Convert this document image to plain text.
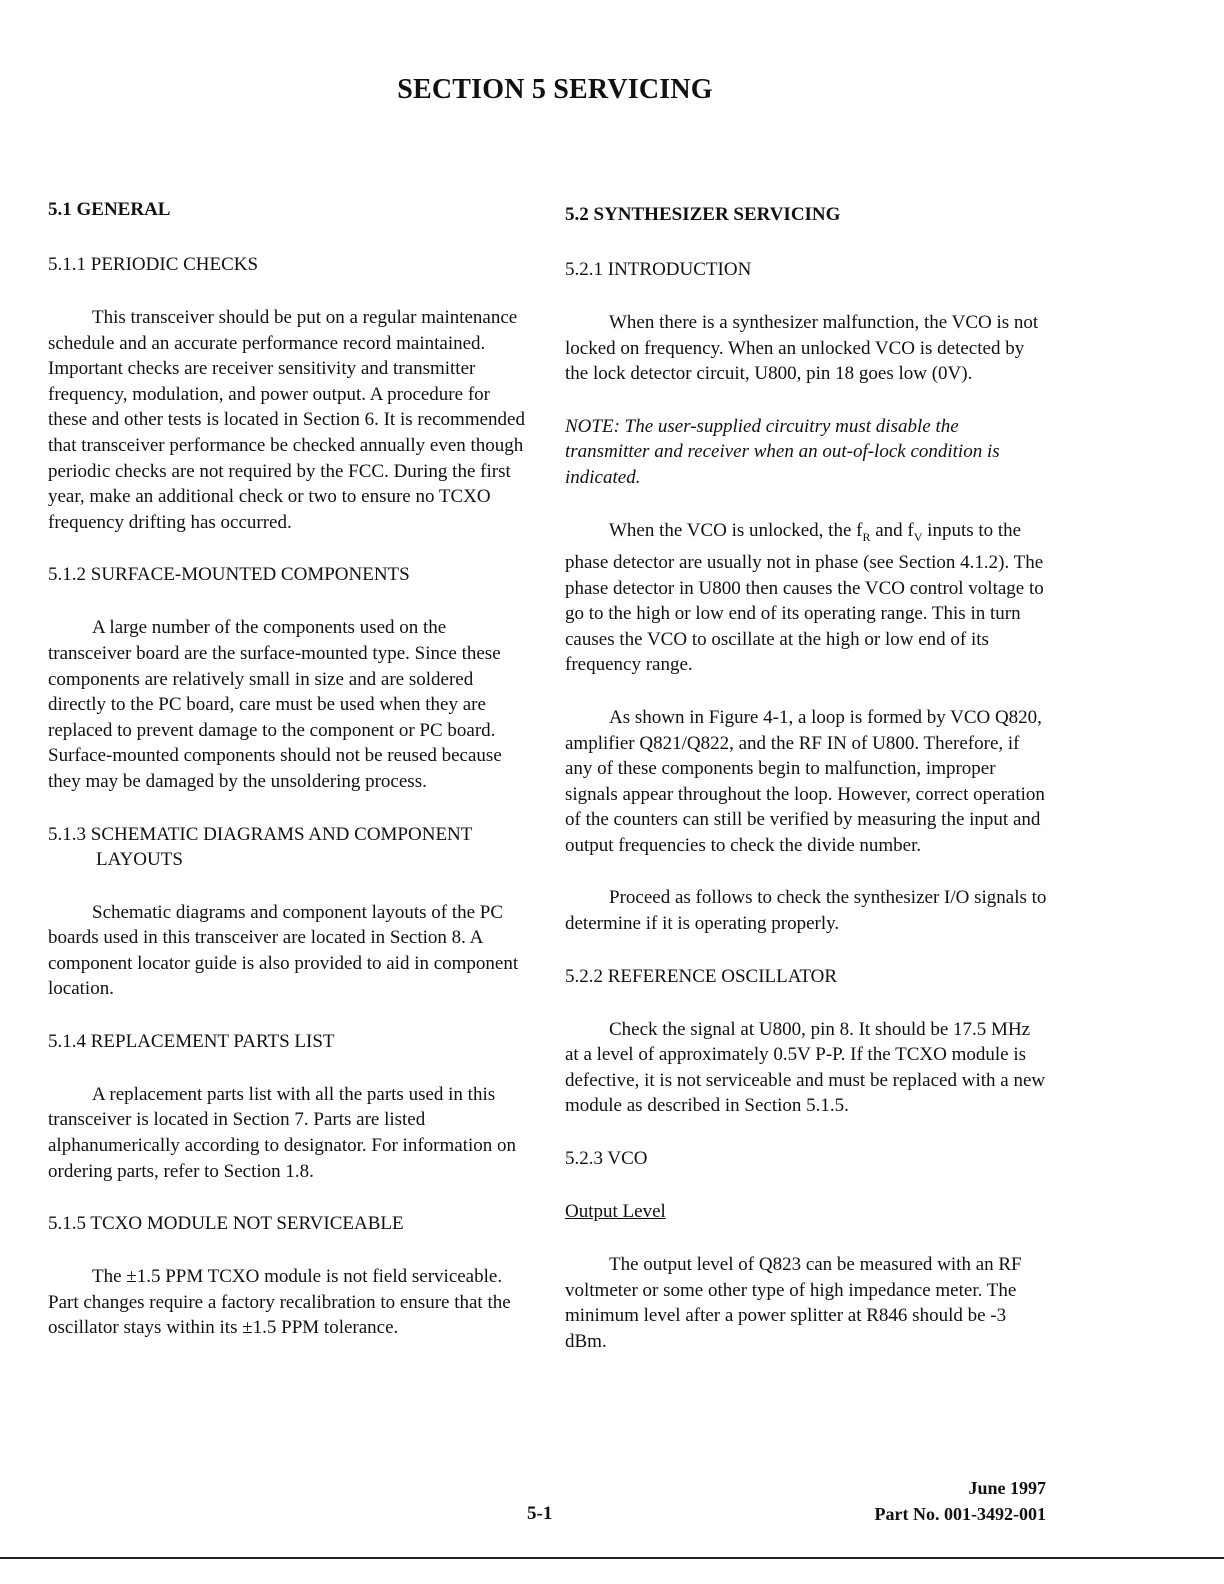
SECTION 5 SERVICING
5.1 GENERAL
5.1.1 PERIODIC CHECKS
This transceiver should be put on a regular maintenance schedule and an accurate performance record maintained. Important checks are receiver sensitivity and transmitter frequency, modulation, and power output. A procedure for these and other tests is located in Section 6. It is recommended that transceiver performance be checked annually even though periodic checks are not required by the FCC. During the first year, make an additional check or two to ensure no TCXO frequency drifting has occurred.
5.1.2 SURFACE-MOUNTED COMPONENTS
A large number of the components used on the transceiver board are the surface-mounted type. Since these components are relatively small in size and are soldered directly to the PC board, care must be used when they are replaced to prevent damage to the component or PC board. Surface-mounted components should not be reused because they may be damaged by the unsoldering process.
5.1.3 SCHEMATIC DIAGRAMS AND COMPONENT LAYOUTS
Schematic diagrams and component layouts of the PC boards used in this transceiver are located in Section 8. A component locator guide is also provided to aid in component location.
5.1.4 REPLACEMENT PARTS LIST
A replacement parts list with all the parts used in this transceiver is located in Section 7. Parts are listed alphanumerically according to designator. For information on ordering parts, refer to Section 1.8.
5.1.5 TCXO MODULE NOT SERVICEABLE
The ±1.5 PPM TCXO module is not field serviceable. Part changes require a factory recalibration to ensure that the oscillator stays within its ±1.5 PPM tolerance.
5.2 SYNTHESIZER SERVICING
5.2.1 INTRODUCTION
When there is a synthesizer malfunction, the VCO is not locked on frequency. When an unlocked VCO is detected by the lock detector circuit, U800, pin 18 goes low (0V).
NOTE: The user-supplied circuitry must disable the transmitter and receiver when an out-of-lock condition is indicated.
When the VCO is unlocked, the $f_R$ and $f_V$ inputs to the phase detector are usually not in phase (see Section 4.1.2). The phase detector in U800 then causes the VCO control voltage to go to the high or low end of its operating range. This in turn causes the VCO to oscillate at the high or low end of its frequency range.
As shown in Figure 4-1, a loop is formed by VCO Q820, amplifier Q821/Q822, and the RF IN of U800. Therefore, if any of these components begin to malfunction, improper signals appear throughout the loop. However, correct operation of the counters can still be verified by measuring the input and output frequencies to check the divide number.
Proceed as follows to check the synthesizer I/O signals to determine if it is operating properly.
5.2.2 REFERENCE OSCILLATOR
Check the signal at U800, pin 8. It should be 17.5 MHz at a level of approximately 0.5V P-P. If the TCXO module is defective, it is not serviceable and must be replaced with a new module as described in Section 5.1.5.
5.2.3 VCO
Output Level
The output level of Q823 can be measured with an RF voltmeter or some other type of high impedance meter. The minimum level after a power splitter at R846 should be -3 dBm.
5-1
June 1997
Part No. 001-3492-001
